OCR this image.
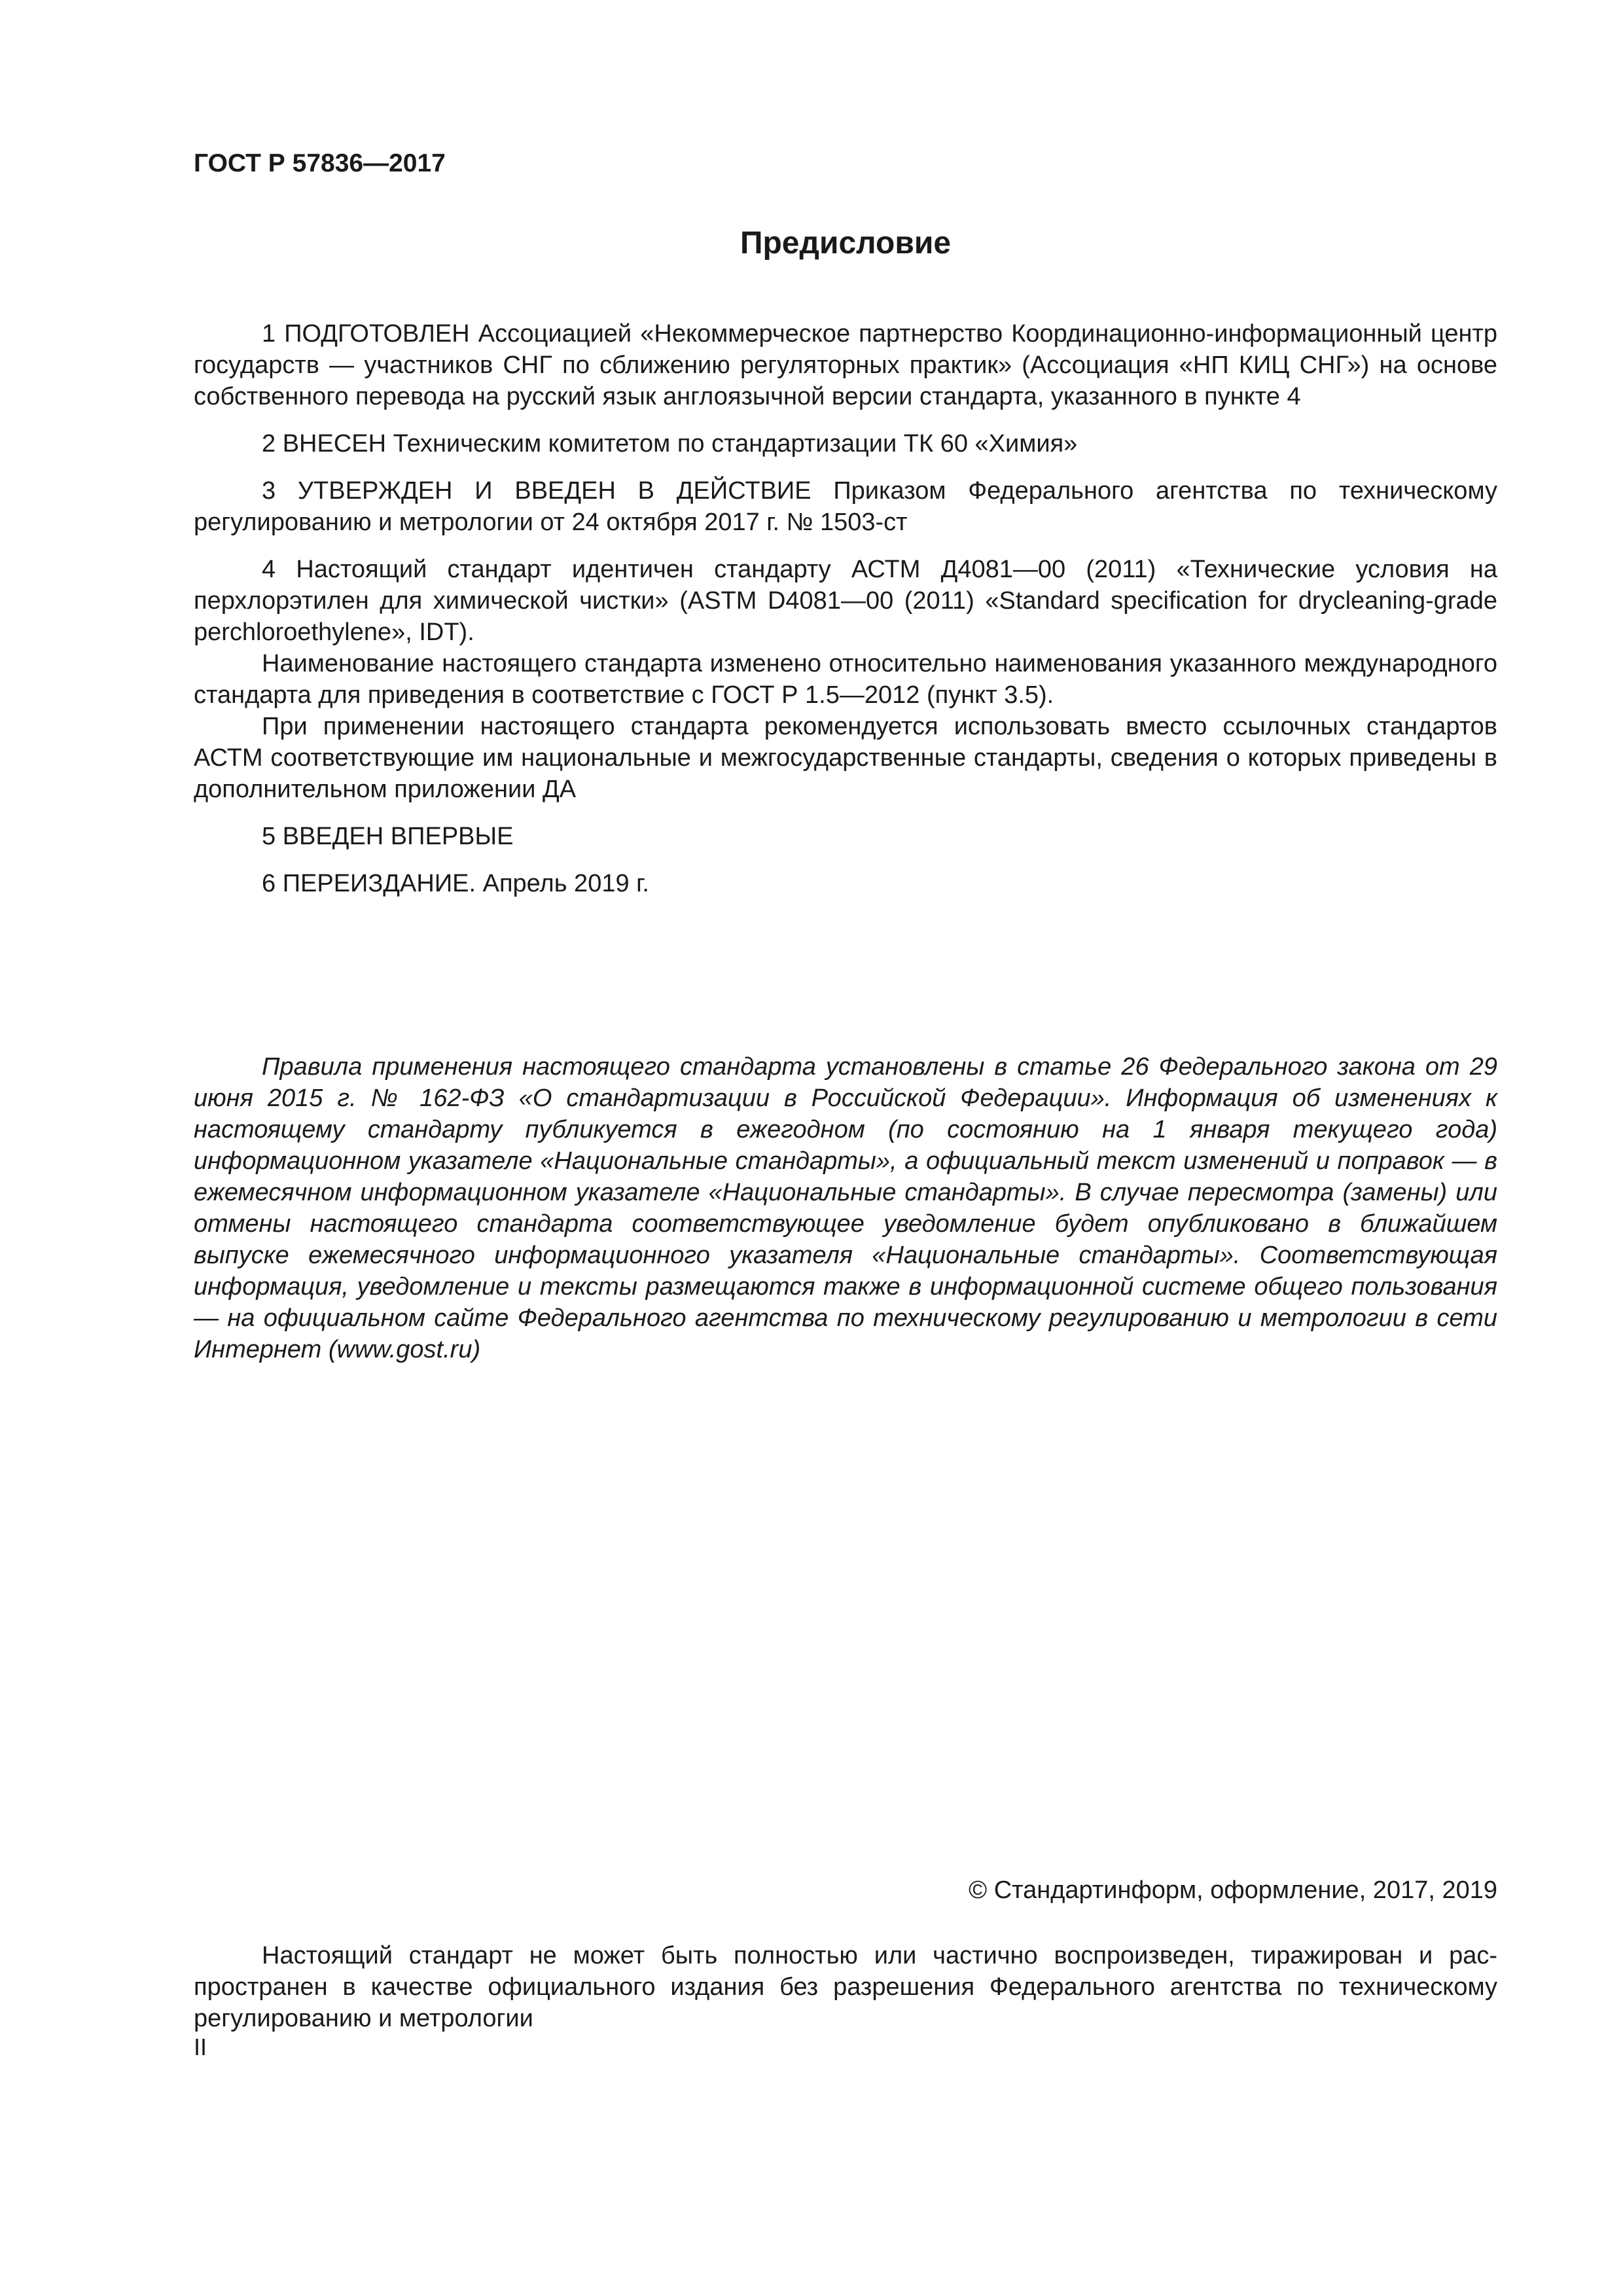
ГОСТ Р 57836—2017
Предисловие

1 ПОДГОТОВЛЕН Ассоциацией «Некоммерческое партнерство Координационно-информационный центр государств — участников СНГ по сближению регуляторных практик» (Ассоциация «НП КИЦ СНГ») на основе собственного перевода на русский язык англоязычной версии стандарта, указанного в пункте 4

2 ВНЕСЕН Техническим комитетом по стандартизации ТК 60 «Химия»

3 УТВЕРЖДЕН И ВВЕДЕН В ДЕЙСТВИЕ Приказом Федерального агентства по техническому регулированию и метрологии от 24 октября 2017 г. № 1503-ст

4 Настоящий стандарт идентичен стандарту АСТМ Д4081—00 (2011) «Технические условия на перхлорэтилен для химической чистки» (ASTM D4081—00 (2011) «Standard specification for drycleaning-grade perchloroethylene», IDT).

Наименование настоящего стандарта изменено относительно наименования указанного международного стандарта для приведения в соответствие с ГОСТ Р 1.5—2012 (пункт 3.5).

При применении настоящего стандарта рекомендуется использовать вместо ссылочных стандартов АСТМ соответствующие им национальные и межгосударственные стандарты, сведения о которых приведены в дополнительном приложении ДА

5 ВВЕДЕН ВПЕРВЫЕ

6 ПЕРЕИЗДАНИЕ. Апрель 2019 г.

Правила применения настоящего стандарта установлены в статье 26 Федерального закона от 29 июня 2015 г. № 162-ФЗ «О стандартизации в Российской Федерации». Информация об изменениях к настоящему стандарту публикуется в ежегодном (по состоянию на 1 января текущего года) информационном указателе «Национальные стандарты», а официальный текст изменений и поправок — в ежемесячном информационном указателе «Национальные стандарты». В случае пересмотра (замены) или отмены настоящего стандарта соответствующее уведомление будет опубликовано в ближайшем выпуске ежемесячного информационного указателя «Национальные стандарты». Соответствующая информация, уведомление и тексты размещаются также в информационной системе общего пользования — на официальном сайте Федерального агентства по техническому регулированию и метрологии в сети Интернет (www.gost.ru)

© Стандартинформ, оформление, 2017, 2019

Настоящий стандарт не может быть полностью или частично воспроизведен, тиражирован и распространен в качестве официального издания без разрешения Федерального агентства по техническому регулированию и метрологии

II
